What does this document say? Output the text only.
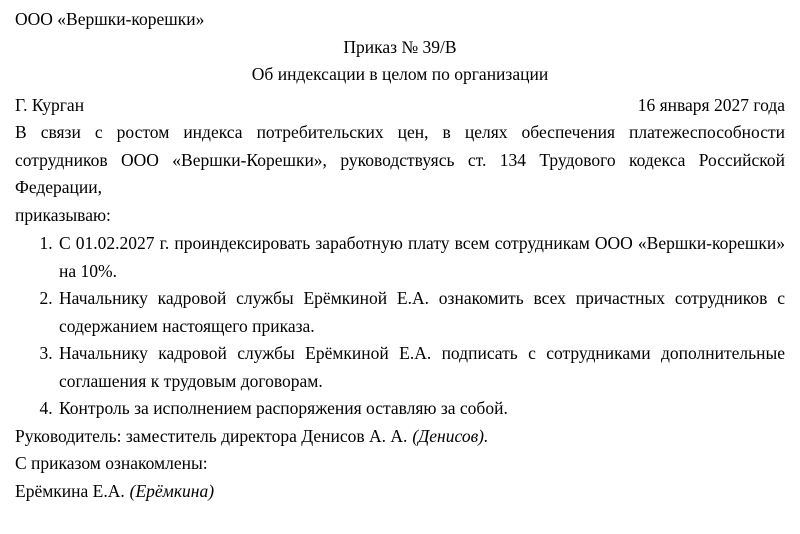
ООО «Вершки-корешки»

Приказ № 39/В

Об индексации в целом по организации

Г. Курган	16 января 2027 года

В связи с ростом индекса потребительских цен, в целях обеспечения платежеспособности сотрудников ООО «Вершки-Корешки», руководствуясь ст. 134 Трудового кодекса Российской Федерации,

приказываю:

1. С 01.02.2027 г. проиндексировать заработную плату всем сотрудникам ООО «Вершки-корешки» на 10%.
2. Начальнику кадровой службы Ерёмкиной Е.А. ознакомить всех причастных сотрудников с содержанием настоящего приказа.
3. Начальнику кадровой службы Ерёмкиной Е.А. подписать с сотрудниками дополнительные соглашения к трудовым договорам.
4. Контроль за исполнением распоряжения оставляю за собой.

Руководитель: заместитель директора Денисов А. А. (Денисов).

С приказом ознакомлены:

Ерёмкина Е.А. (Ерёмкина)
